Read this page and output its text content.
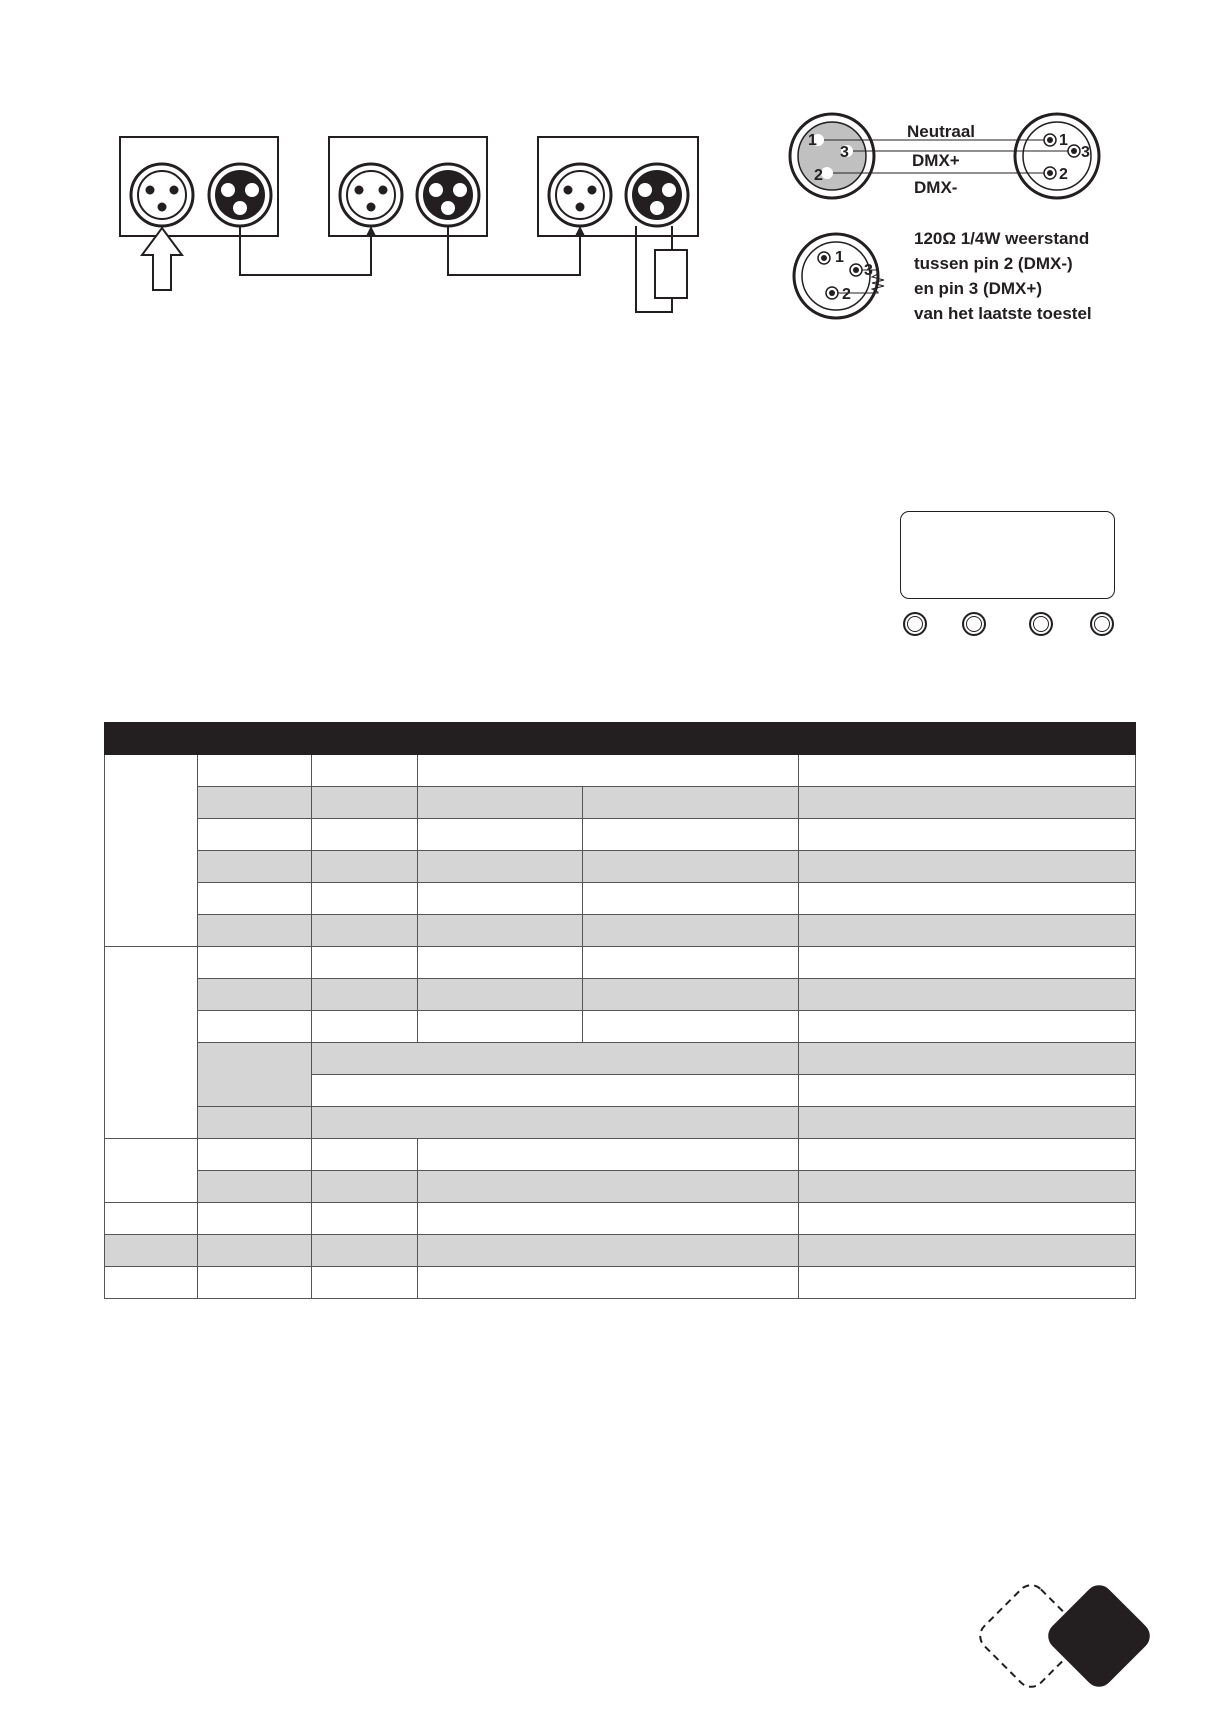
1
3
2
1
3
2
Neutraal
DMX+
DMX-
1
3
2
120Ω 1/4W weerstand
tussen pin 2 (DMX-)
en pin 3 (DMX+)
van het laatste toestel
